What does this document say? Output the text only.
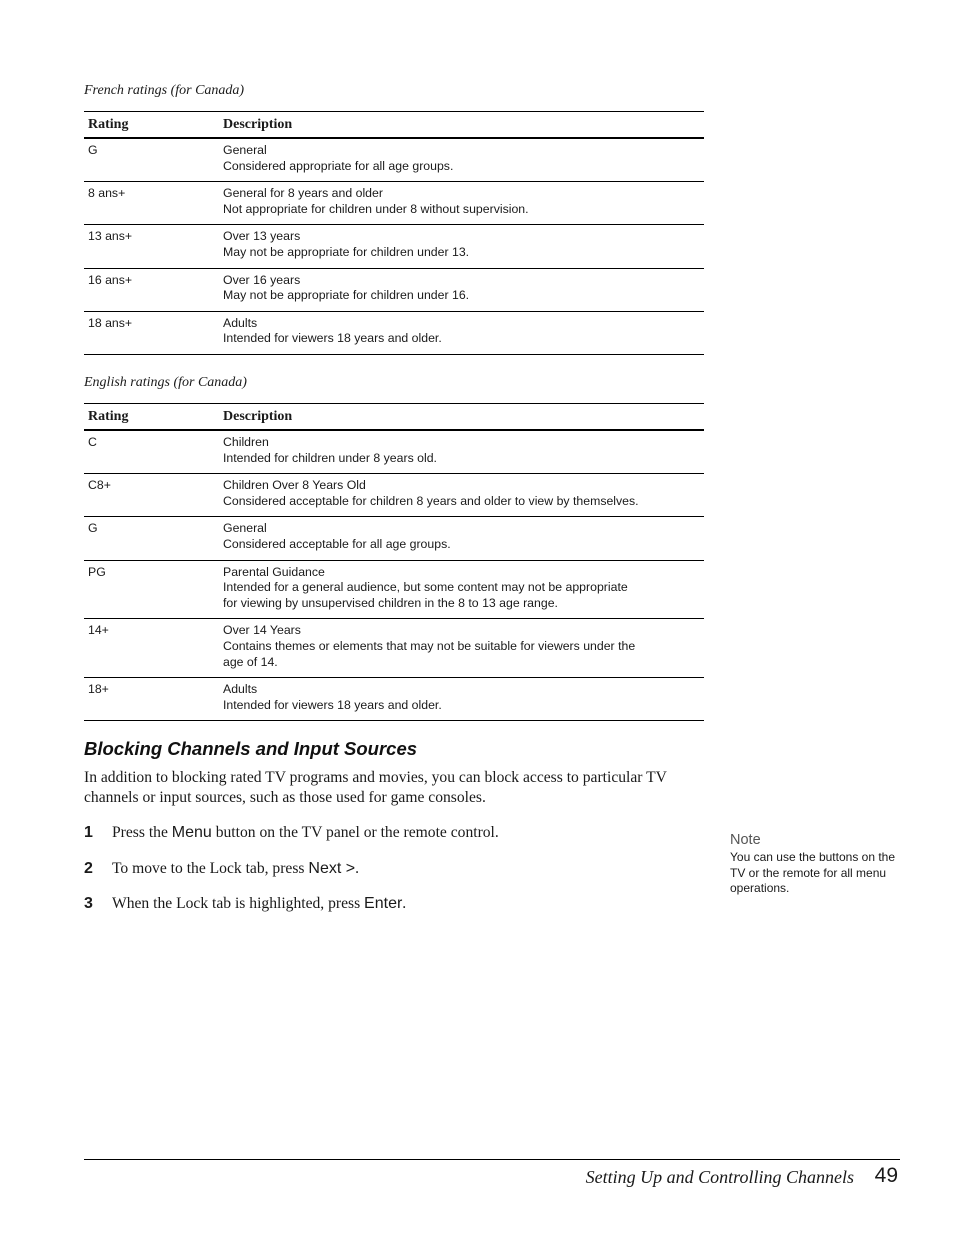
French ratings (for Canada)
Rating	Description
G	General
Considered appropriate for all age groups.

8 ans+	General for 8 years and older
Not appropriate for children under 8 without supervision.

13 ans+	Over 13 years
May not be appropriate for children under 13.

16 ans+	Over 16 years
May not be appropriate for children under 16.

18 ans+	Adults
Intended for viewers 18 years and older.
English ratings (for Canada)
Rating	Description
C	Children
Intended for children under 8 years old.

C8+	Children Over 8 Years Old
Considered acceptable for children 8 years and older to view by themselves.

G	General
Considered acceptable for all age groups.

PG	Parental Guidance
Intended for a general audience, but some content may not be appropriate
for viewing by unsupervised children in the 8 to 13 age range.

14+	Over 14 Years
Contains themes or elements that may not be suitable for viewers under the
age of 14.

18+	Adults
Intended for viewers 18 years and older.
Blocking Channels and Input Sources
In addition to blocking rated TV programs and movies, you can block access to particular TV channels or input sources, such as those used for game consoles.
1 Press the Menu button on the TV panel or the remote control.
2 To move to the Lock tab, press Next >.
3 When the Lock tab is highlighted, press Enter.
Note
You can use the buttons on the TV or the remote for all menu operations.
Setting Up and Controlling Channels 49
